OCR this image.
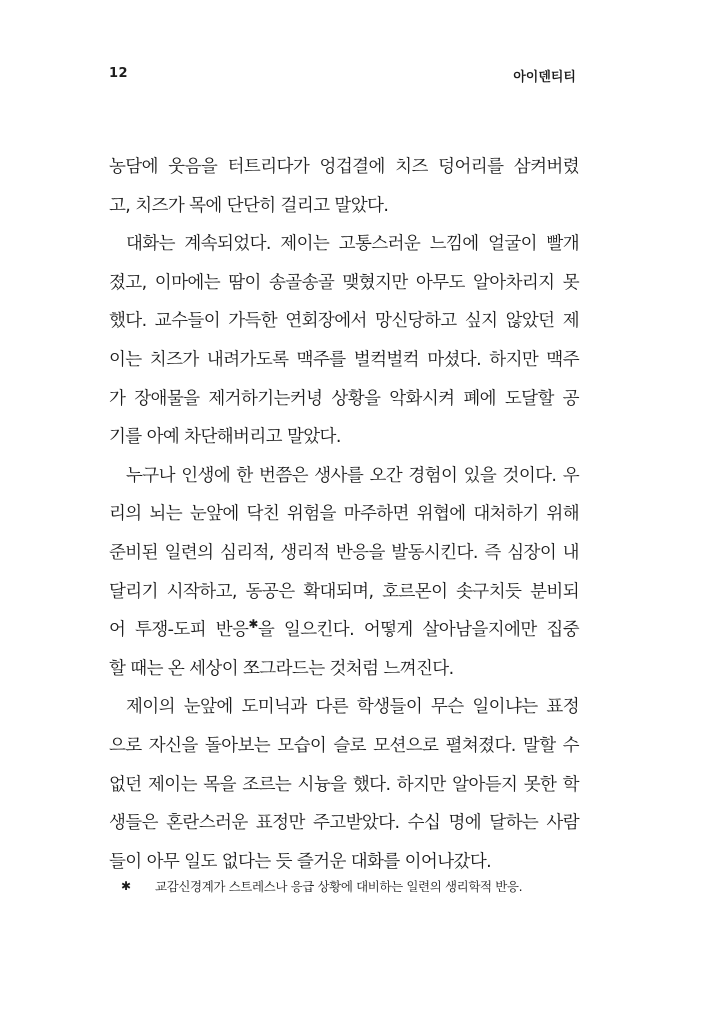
12	아이덴티티
농담에 웃음을 터트리다가 엉겁결에 치즈 덩어리를 삼켜버렸
고, 치즈가 목에 단단히 걸리고 말았다.
대화는 계속되었다. 제이는 고통스러운 느낌에 얼굴이 빨개
졌고, 이마에는 땀이 송골송골 맺혔지만 아무도 알아차리지 못
했다. 교수들이 가득한 연회장에서 망신당하고 싶지 않았던 제
이는 치즈가 내려가도록 맥주를 벌컥벌컥 마셨다. 하지만 맥주
가 장애물을 제거하기는커녕 상황을 악화시켜 폐에 도달할 공
기를 아예 차단해버리고 말았다.
누구나 인생에 한 번쯤은 생사를 오간 경험이 있을 것이다. 우
리의 뇌는 눈앞에 닥친 위험을 마주하면 위협에 대처하기 위해
준비된 일련의 심리적, 생리적 반응을 발동시킨다. 즉 심장이 내
달리기 시작하고, 동공은 확대되며, 호르몬이 솟구치듯 분비되
어 투쟁-도피 반응✱을 일으킨다. 어떻게 살아남을지에만 집중
할 때는 온 세상이 쪼그라드는 것처럼 느껴진다.
제이의 눈앞에 도미닉과 다른 학생들이 무슨 일이냐는 표정
으로 자신을 돌아보는 모습이 슬로 모션으로 펼쳐졌다. 말할 수
없던 제이는 목을 조르는 시늉을 했다. 하지만 알아듣지 못한 학
생들은 혼란스러운 표정만 주고받았다. 수십 명에 달하는 사람
들이 아무 일도 없다는 듯 즐거운 대화를 이어나갔다.
✱	교감신경계가 스트레스나 응급 상황에 대비하는 일련의 생리학적 반응.
